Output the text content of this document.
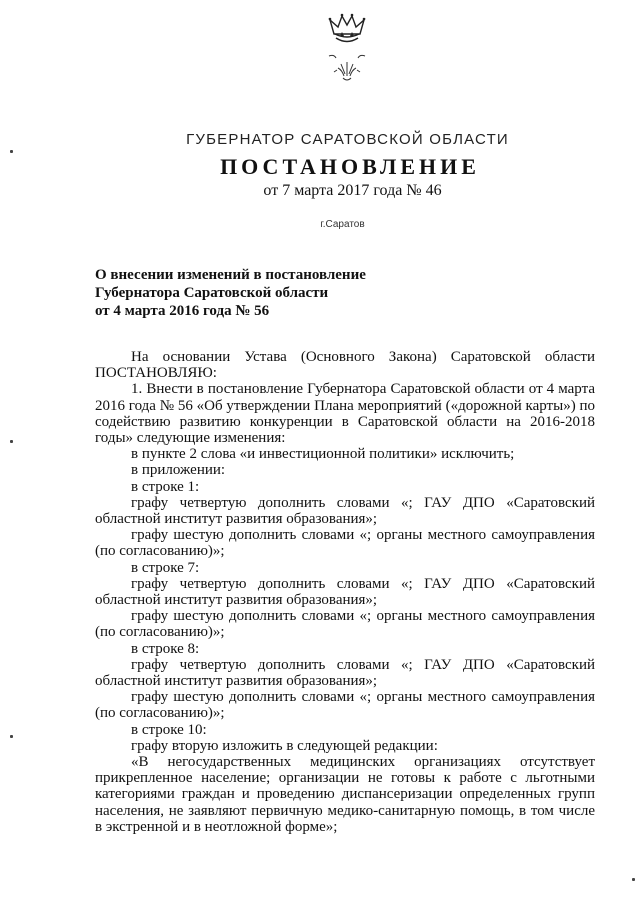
ГУБЕРНАТОР САРАТОВСКОЙ ОБЛАСТИ
ПОСТАНОВЛЕНИЕ
от 7 марта 2017 года № 46
г.Саратов
О внесении изменений в постановление
Губернатора Саратовской области
от 4 марта 2016 года № 56

На основании Устава (Основного Закона) Саратовской области ПОСТАНОВЛЯЮ:

1. Внести в постановление Губернатора Саратовской области от 4 марта 2016 года № 56 «Об утверждении Плана мероприятий («дорожной карты») по содействию развитию конкуренции в Саратовской области на 2016-2018 годы» следующие изменения:

в пункте 2 слова «и инвестиционной политики» исключить;

в приложении:

в строке 1:

графу четвертую дополнить словами «; ГАУ ДПО «Саратовский областной институт развития образования»;

графу шестую дополнить словами «; органы местного самоуправления (по согласованию)»;

в строке 7:

графу четвертую дополнить словами «; ГАУ ДПО «Саратовский областной институт развития образования»;

графу шестую дополнить словами «; органы местного самоуправления (по согласованию)»;

в строке 8:

графу четвертую дополнить словами «; ГАУ ДПО «Саратовский областной институт развития образования»;

графу шестую дополнить словами «; органы местного самоуправления (по согласованию)»;

в строке 10:

графу вторую изложить в следующей редакции:

«В негосударственных медицинских организациях отсутствует прикрепленное население; организации не готовы к работе с льготными категориями граждан и проведению диспансеризации определенных групп населения, не заявляют первичную медико-санитарную помощь, в том числе в экстренной и в неотложной форме»;
